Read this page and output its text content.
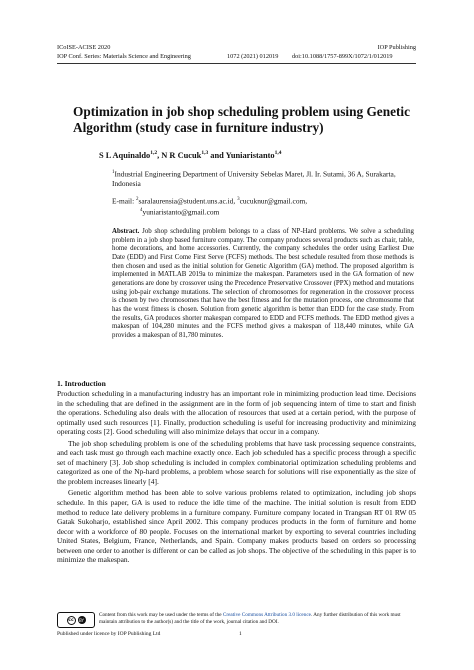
ICoISE-ACISE 2020	IOP Publishing
IOP Conf. Series: Materials Science and Engineering	1072 (2021) 012019 doi:10.1088/1757-899X/1072/1/012019
Optimization in job shop scheduling problem using Genetic Algorithm (study case in furniture industry)
S L Aquinaldo$^{1,2}$, N R Cucuk$^{1,3}$ and Yuniaristanto$^{1,4}$
$^1$Industrial Engineering Department of University Sebelas Maret, Jl. Ir. Sutami, 36 A, Surakarta, Indonesia
E-mail: $^2$saralaurensia@student.uns.ac.id, $^3$cucuknur@gmail.com,
$^4$yuniaristanto@gmail.com
Abstract. Job shop scheduling problem belongs to a class of NP-Hard problems. We solve a scheduling problem in a job shop based furniture company. The company produces several products such as chair, table, home decorations, and home accessories. Currently, the company schedules the order using Earliest Due Date (EDD) and First Come First Serve (FCFS) methods. The best schedule resulted from those methods is then chosen and used as the initial solution for Genetic Algorithm (GA) method. The proposed algorithm is implemented in MATLAB 2019a to minimize the makespan. Parameters used in the GA formation of new generations are done by crossover using the Precedence Preservative Crossover (PPX) method and mutations using job-pair exchange mutations. The selection of chromosomes for regeneration in the crossover process is chosen by two chromosomes that have the best fitness and for the mutation process, one chromosome that has the worst fitness is chosen. Solution from genetic algorithm is better than EDD for the case study. From the results, GA produces shorter makespan compared to EDD and FCFS methods. The EDD method gives a makespan of 104,280 minutes and the FCFS method gives a makespan of 118,440 minutes, while GA provides a makespan of 81,780 minutes.
1. Introduction

Production scheduling in a manufacturing industry has an important role in minimizing production lead time. Decisions in the scheduling that are defined in the assignment are in the form of job sequencing intern of time to start and finish the operations. Scheduling also deals with the allocation of resources that used at a certain period, with the purpose of optimally used such resources [1]. Finally, production scheduling is useful for increasing productivity and minimizing operating costs [2]. Good scheduling will also minimize delays that occur in a company.

The job shop scheduling problem is one of the scheduling problems that have task processing sequence constraints, and each task must go through each machine exactly once. Each job scheduled has a specific process through a specific set of machinery [3]. Job shop scheduling is included in complex combinatorial optimization scheduling problems and categorized as one of the Np-hard problems, a problem whose search for solutions will rise exponentially as the size of the problem increases linearly [4].

Genetic algorithm method has been able to solve various problems related to optimization, including job shops schedule. In this paper, GA is used to reduce the idle time of the machine. The initial solution is result from EDD method to reduce late delivery problems in a furniture company. Furniture company located in Trangsan RT 01 RW 05 Gatak Sukoharjo, established since April 2002. This company produces products in the form of furniture and home decor with a workforce of 80 people. Focuses on the international market by exporting to several countries including United States, Belgium, France, Netherlands, and Spain. Company makes products based on orders so processing between one order to another is different or can be called as job shops. The objective of the scheduling in this paper is to minimize the makespan.

cc	BY
Content from this work may be used under the terms of the Creative Commons Attribution 3.0 licence. Any further distribution of this work must maintain attribution to the author(s) and the title of the work, journal citation and DOI.
Published under licence by IOP Publishing Ltd	1
